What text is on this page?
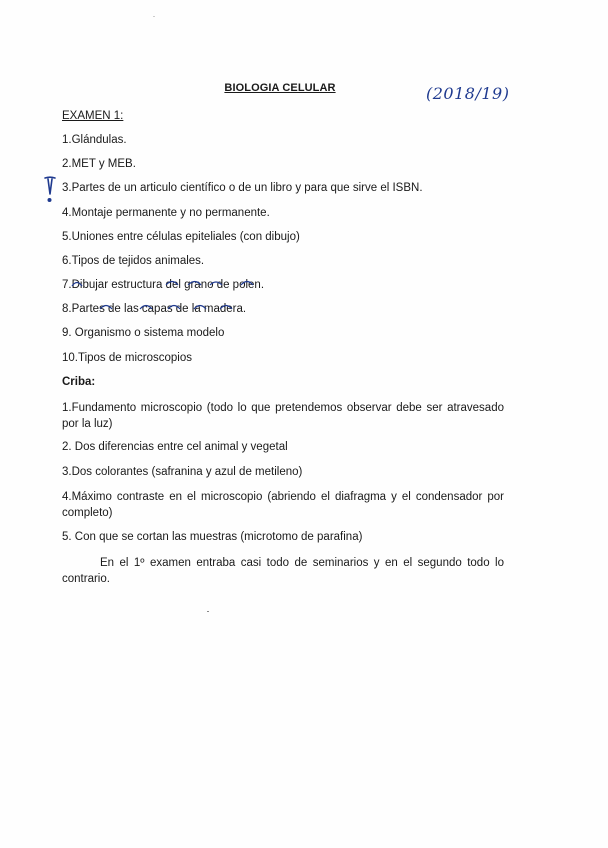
BIOLOGIA CELULAR	(2018/19)
EXAMEN 1:
1.Glándulas.
2.MET y MEB.
3.Partes de un articulo científico o de un libro y para que sirve el ISBN.
4.Montaje permanente y no permanente.
5.Uniones entre células epiteliales (con dibujo)
6.Tipos de tejidos animales.
7.Dibujar estructura del grano de polen.
8.Partes de las capas de la madera.
9. Organismo o sistema modelo
10.Tipos de microscopios
Criba:
1.Fundamento microscopio (todo lo que pretendemos observar debe ser atravesado por la luz)
2. Dos diferencias entre cel animal y vegetal
3.Dos colorantes (safranina y azul de metileno)
4.Máximo contraste en el microscopio (abriendo el diafragma y el condensador por completo)
5. Con que se cortan las muestras (microtomo de parafina)
En el 1º examen entraba casi todo de seminarios y en el segundo todo lo contrario.
